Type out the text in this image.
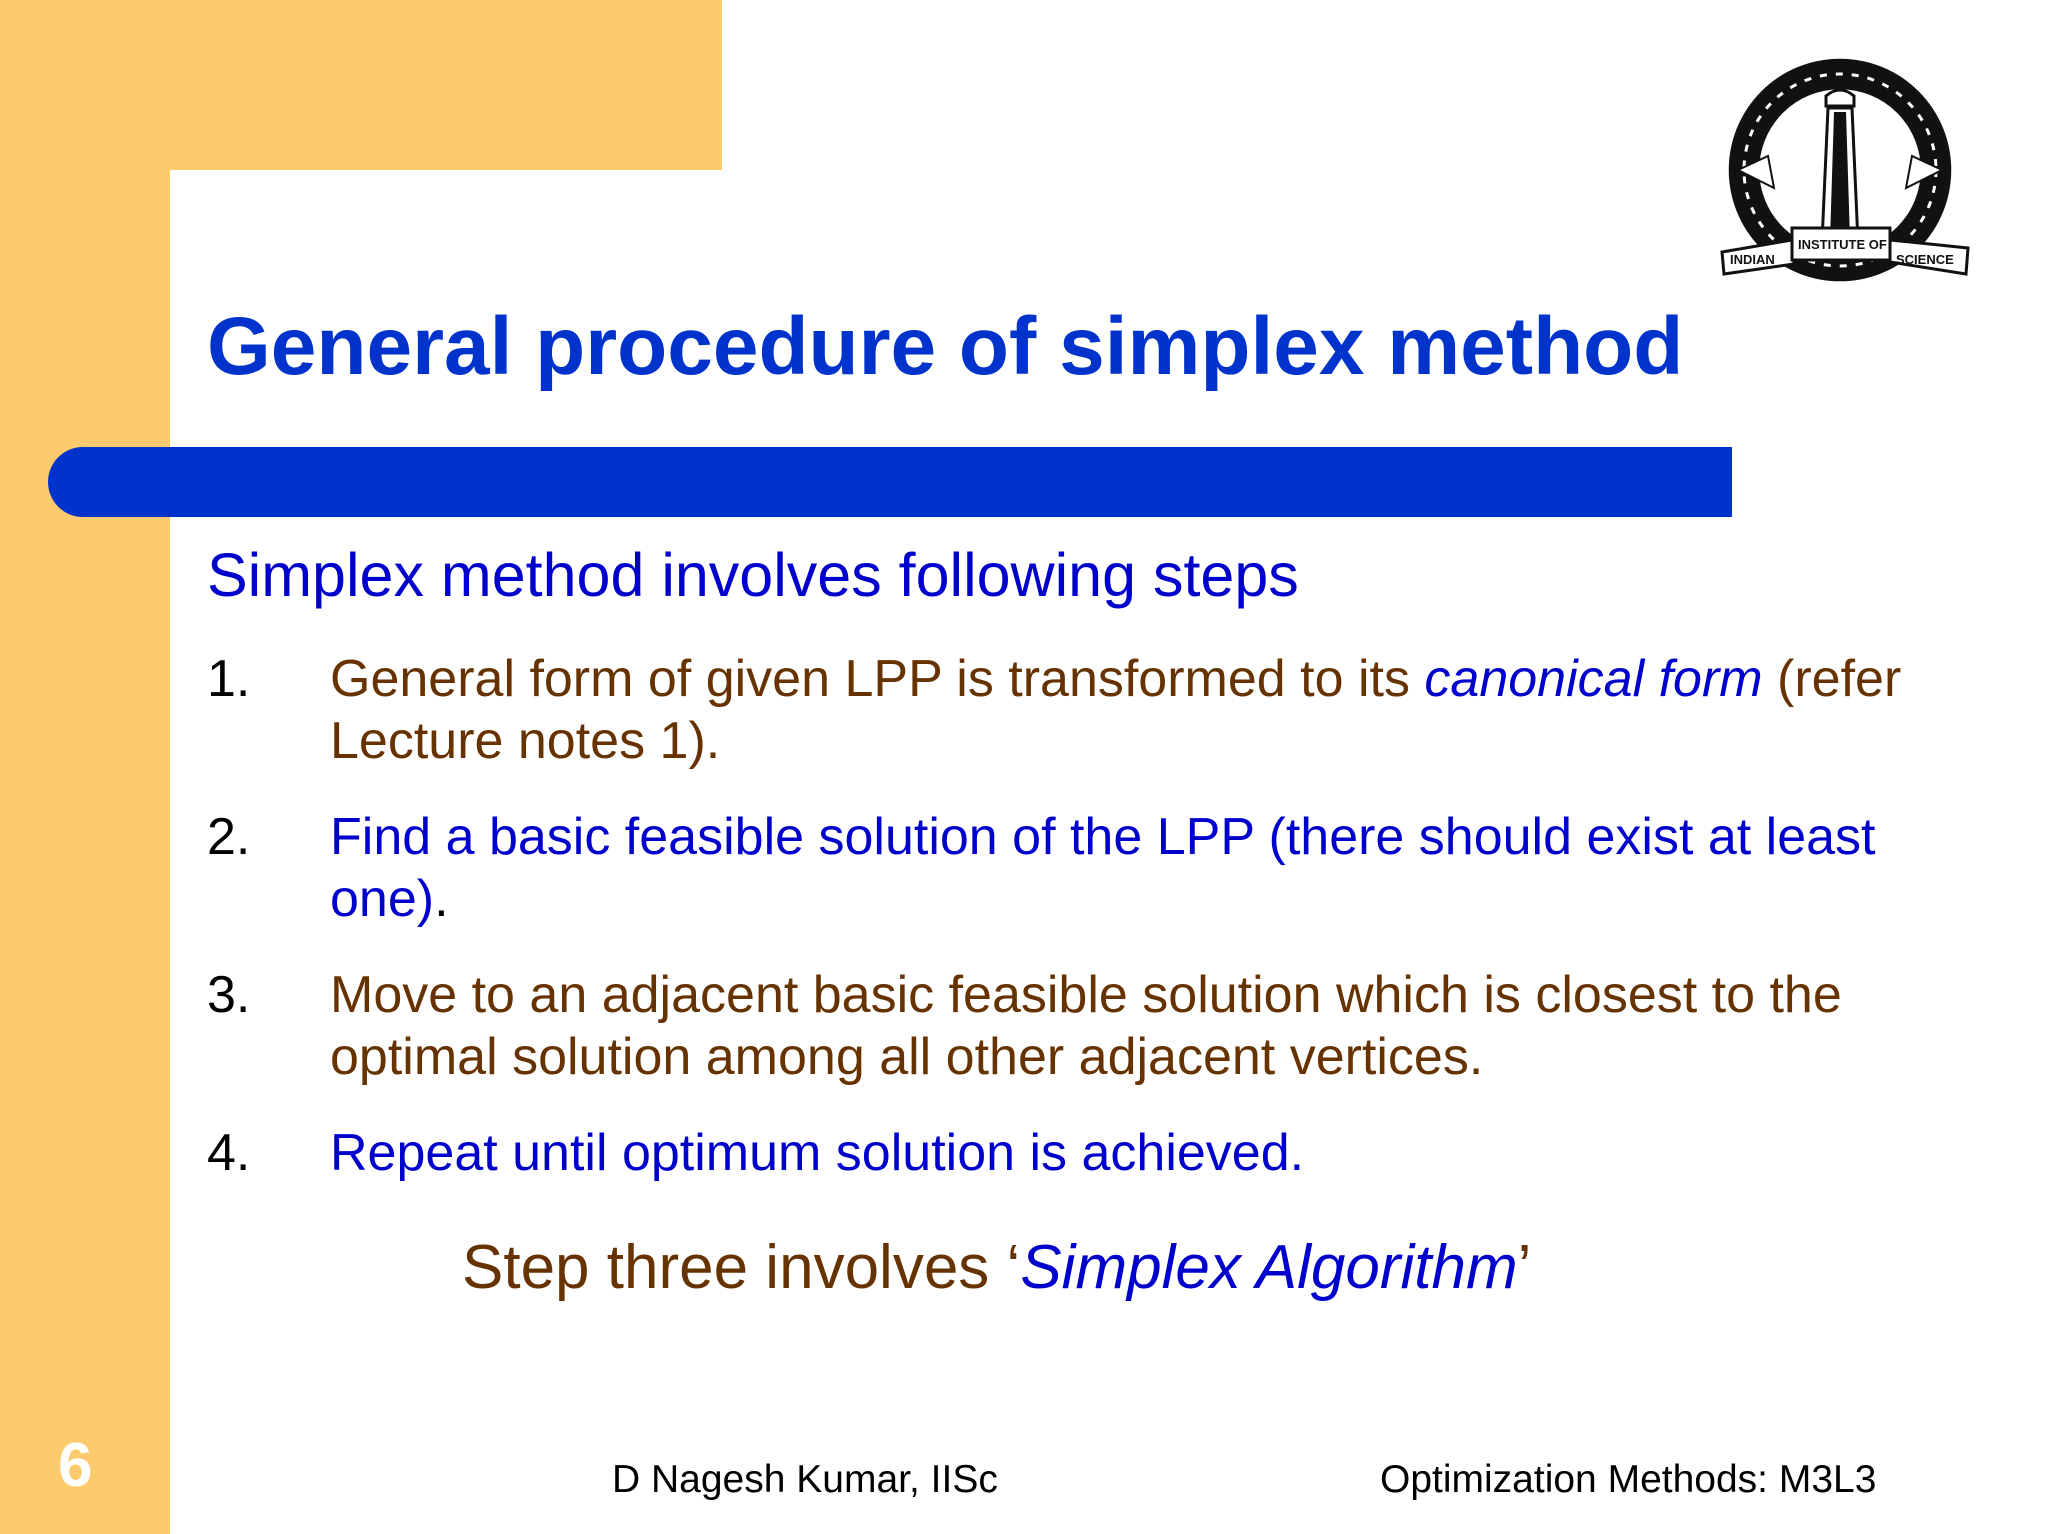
INDIAN
INSTITUTE OF
SCIENCE
General procedure of simplex method
Simplex method involves following steps
1. General form of given LPP is transformed to its canonical form (refer Lecture notes 1).
2. Find a basic feasible solution of the LPP (there should exist at least one).
3. Move to an adjacent basic feasible solution which is closest to the optimal solution among all other adjacent vertices.
4. Repeat until optimum solution is achieved.
Step three involves ‘Simplex Algorithm’
6	D Nagesh Kumar, IISc	Optimization Methods: M3L3
